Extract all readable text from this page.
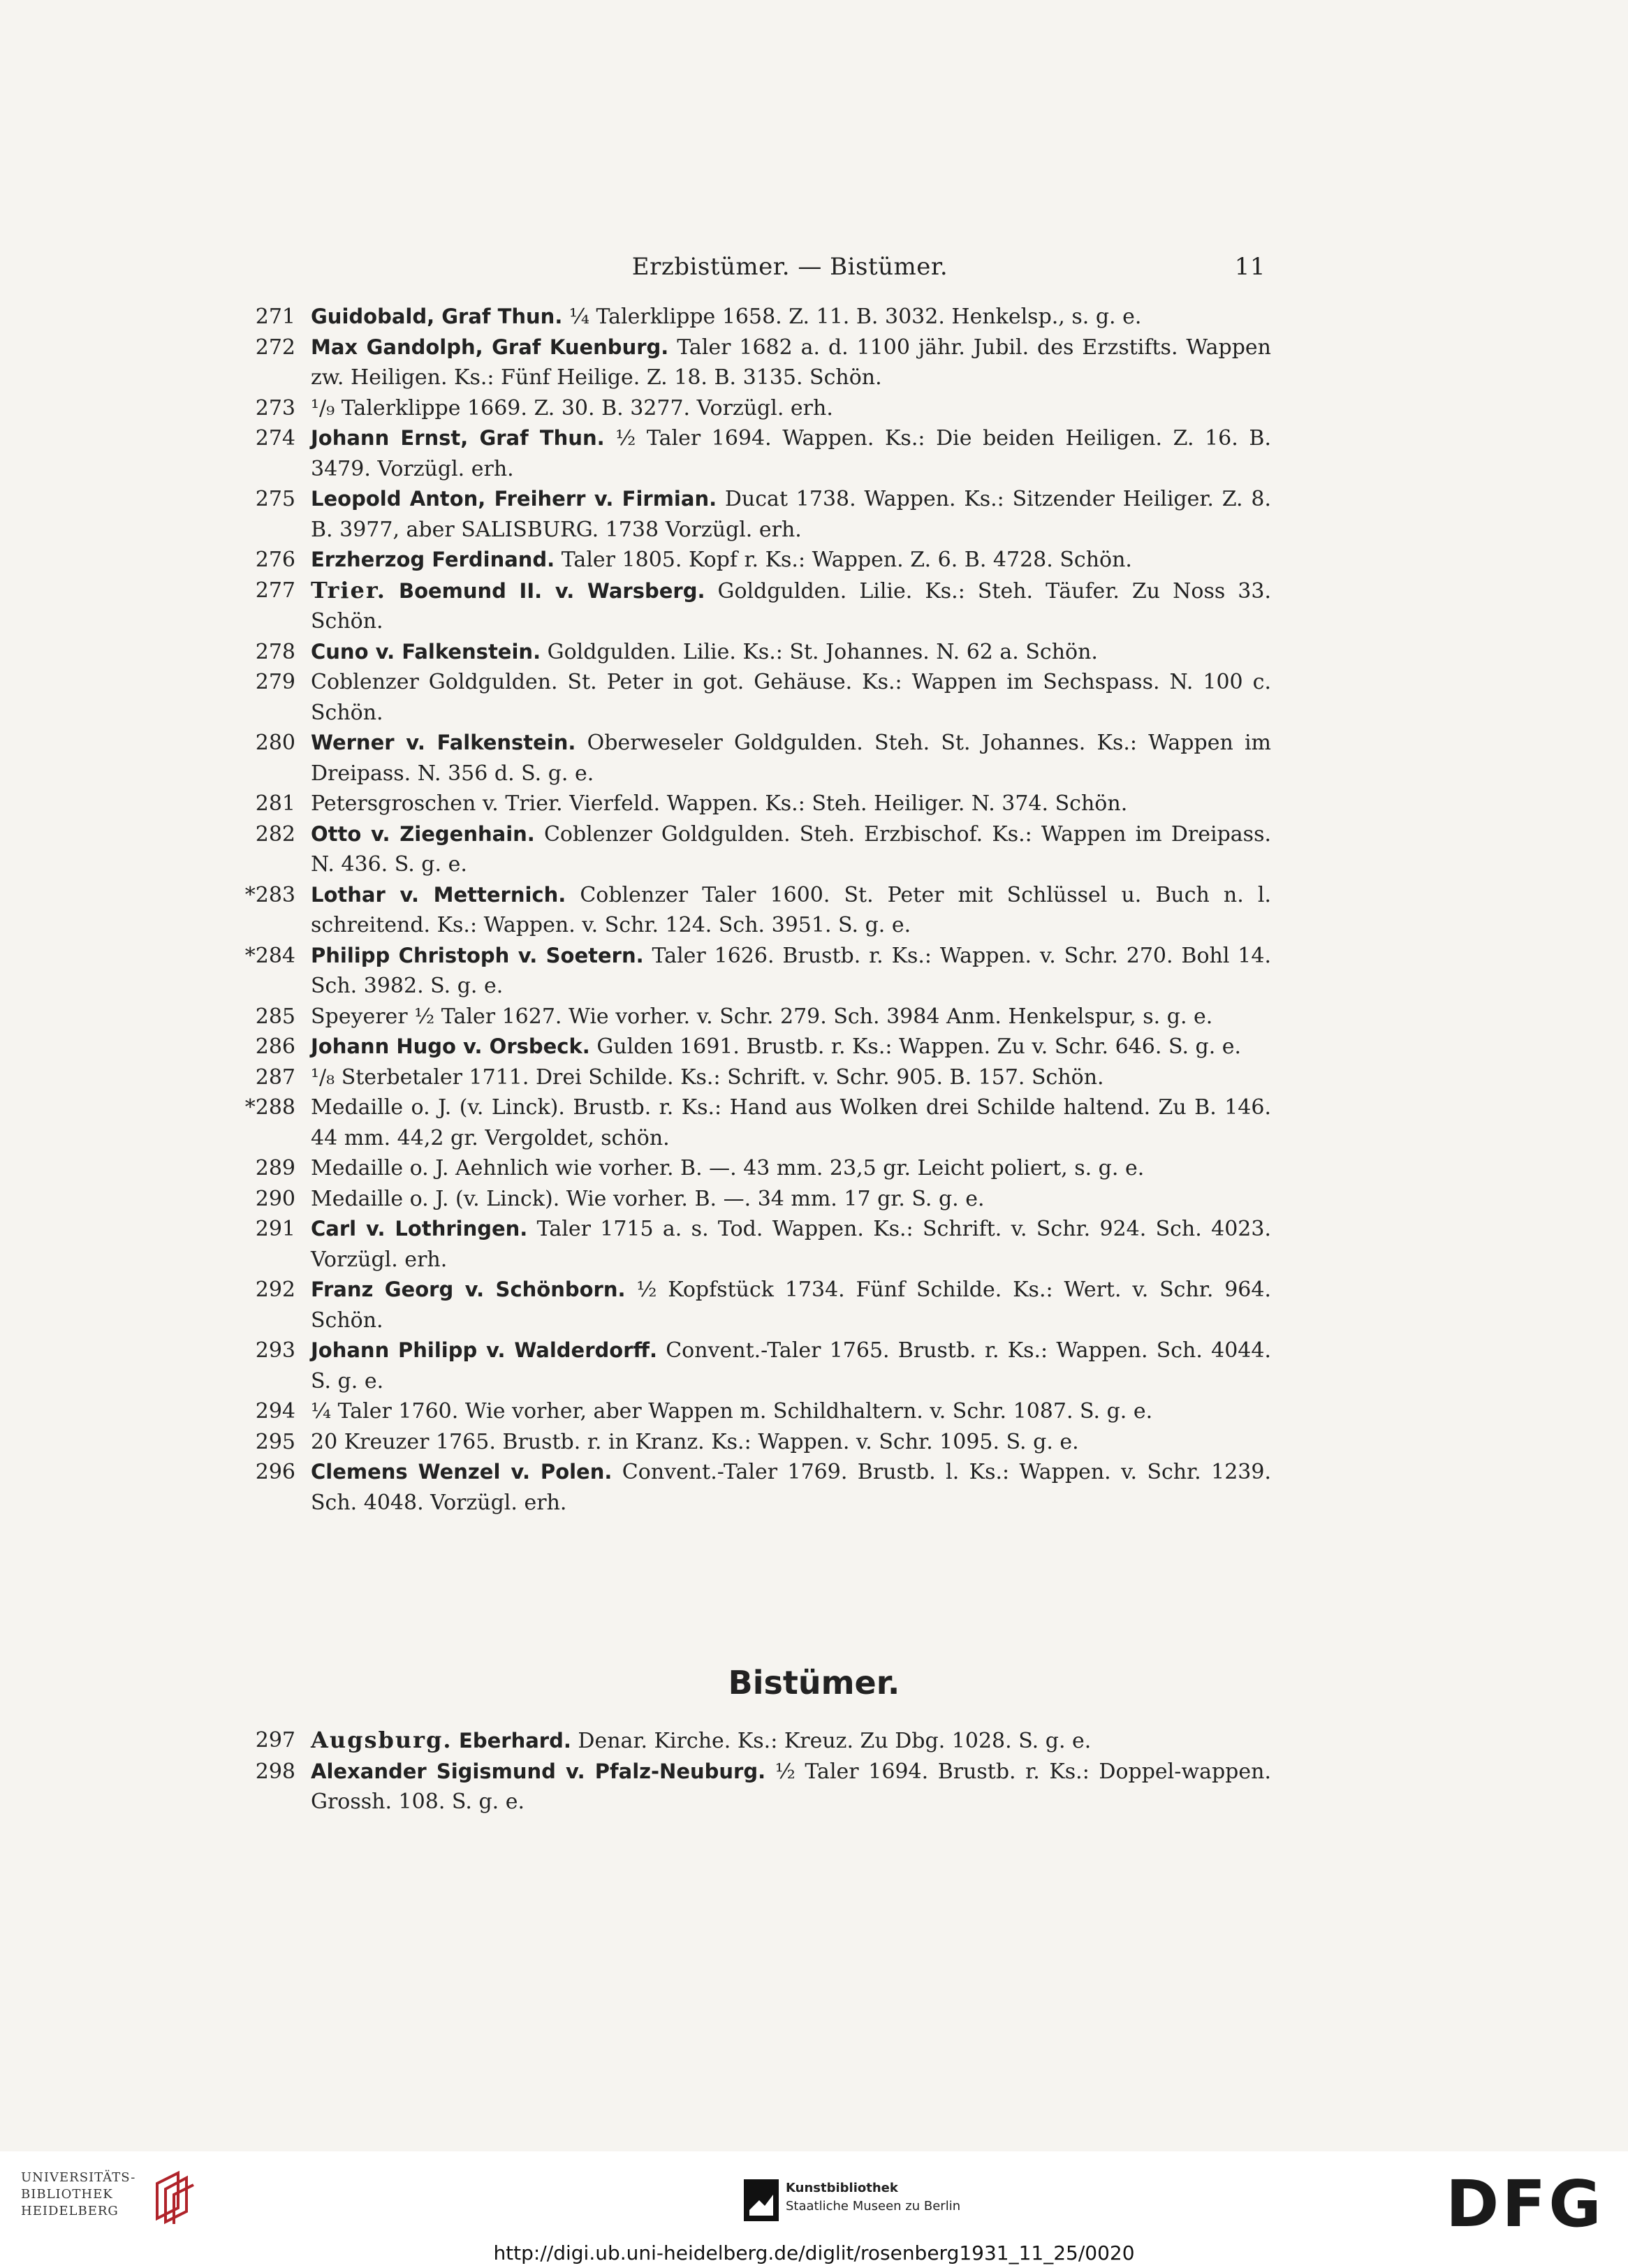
Erzbistümer. — Bistümer.	11
271 Guidobald, Graf Thun. ¼ Talerklippe 1658. Z. 11. B. 3032. Henkelsp., s. g. e.
272 Max Gandolph, Graf Kuenburg. Taler 1682 a. d. 1100 jähr. Jubil. des Erzstifts. Wappen zw. Heiligen. Ks.: Fünf Heilige. Z. 18. B. 3135. Schön.
273 ¹/₉ Talerklippe 1669. Z. 30. B. 3277. Vorzügl. erh.
274 Johann Ernst, Graf Thun. ½ Taler 1694. Wappen. Ks.: Die beiden Heiligen. Z. 16. B. 3479. Vorzügl. erh.
275 Leopold Anton, Freiherr v. Firmian. Ducat 1738. Wappen. Ks.: Sitzender Heiliger. Z. 8. B. 3977, aber SALISBURG. 1738 Vorzügl. erh.
276 Erzherzog Ferdinand. Taler 1805. Kopf r. Ks.: Wappen. Z. 6. B. 4728. Schön.
277 Trier. Boemund II. v. Warsberg. Goldgulden. Lilie. Ks.: Steh. Täufer. Zu Noss 33. Schön.
278 Cuno v. Falkenstein. Goldgulden. Lilie. Ks.: St. Johannes. N. 62 a. Schön.
279 Coblenzer Goldgulden. St. Peter in got. Gehäuse. Ks.: Wappen im Sechspass. N. 100 c. Schön.
280 Werner v. Falkenstein. Oberweseler Goldgulden. Steh. St. Johannes. Ks.: Wappen im Dreipass. N. 356 d. S. g. e.
281 Petersgroschen v. Trier. Vierfeld. Wappen. Ks.: Steh. Heiliger. N. 374. Schön.
282 Otto v. Ziegenhain. Coblenzer Goldgulden. Steh. Erzbischof. Ks.: Wappen im Dreipass. N. 436. S. g. e.
*283 Lothar v. Metternich. Coblenzer Taler 1600. St. Peter mit Schlüssel u. Buch n. l. schreitend. Ks.: Wappen. v. Schr. 124. Sch. 3951. S. g. e.
*284 Philipp Christoph v. Soetern. Taler 1626. Brustb. r. Ks.: Wappen. v. Schr. 270. Bohl 14. Sch. 3982. S. g. e.
285 Speyerer ½ Taler 1627. Wie vorher. v. Schr. 279. Sch. 3984 Anm. Henkelspur, s. g. e.
286 Johann Hugo v. Orsbeck. Gulden 1691. Brustb. r. Ks.: Wappen. Zu v. Schr. 646. S. g. e.
287 ¹/₈ Sterbetaler 1711. Drei Schilde. Ks.: Schrift. v. Schr. 905. B. 157. Schön.
*288 Medaille o. J. (v. Linck). Brustb. r. Ks.: Hand aus Wolken drei Schilde haltend. Zu B. 146. 44 mm. 44,2 gr. Vergoldet, schön.
289 Medaille o. J. Aehnlich wie vorher. B. —. 43 mm. 23,5 gr. Leicht poliert, s. g. e.
290 Medaille o. J. (v. Linck). Wie vorher. B. —. 34 mm. 17 gr. S. g. e.
291 Carl v. Lothringen. Taler 1715 a. s. Tod. Wappen. Ks.: Schrift. v. Schr. 924. Sch. 4023. Vorzügl. erh.
292 Franz Georg v. Schönborn. ½ Kopfstück 1734. Fünf Schilde. Ks.: Wert. v. Schr. 964. Schön.
293 Johann Philipp v. Walderdorff. Convent.-Taler 1765. Brustb. r. Ks.: Wappen. Sch. 4044. S. g. e.
294 ¼ Taler 1760. Wie vorher, aber Wappen m. Schildhaltern. v. Schr. 1087. S. g. e.
295 20 Kreuzer 1765. Brustb. r. in Kranz. Ks.: Wappen. v. Schr. 1095. S. g. e.
296 Clemens Wenzel v. Polen. Convent.-Taler 1769. Brustb. l. Ks.: Wappen. v. Schr. 1239. Sch. 4048. Vorzügl. erh.
Bistümer.
297 Augsburg. Eberhard. Denar. Kirche. Ks.: Kreuz. Zu Dbg. 1028. S. g. e.
298 Alexander Sigismund v. Pfalz-Neuburg. ½ Taler 1694. Brustb. r. Ks.: Doppel-wappen. Grossh. 108. S. g. e.
UNIVERSITÄTS-
BIBLIOTHEK
HEIDELBERG
Kunstbibliothek
Staatliche Museen zu Berlin	DFG
http://digi.ub.uni-heidelberg.de/diglit/rosenberg1931_11_25/0020
